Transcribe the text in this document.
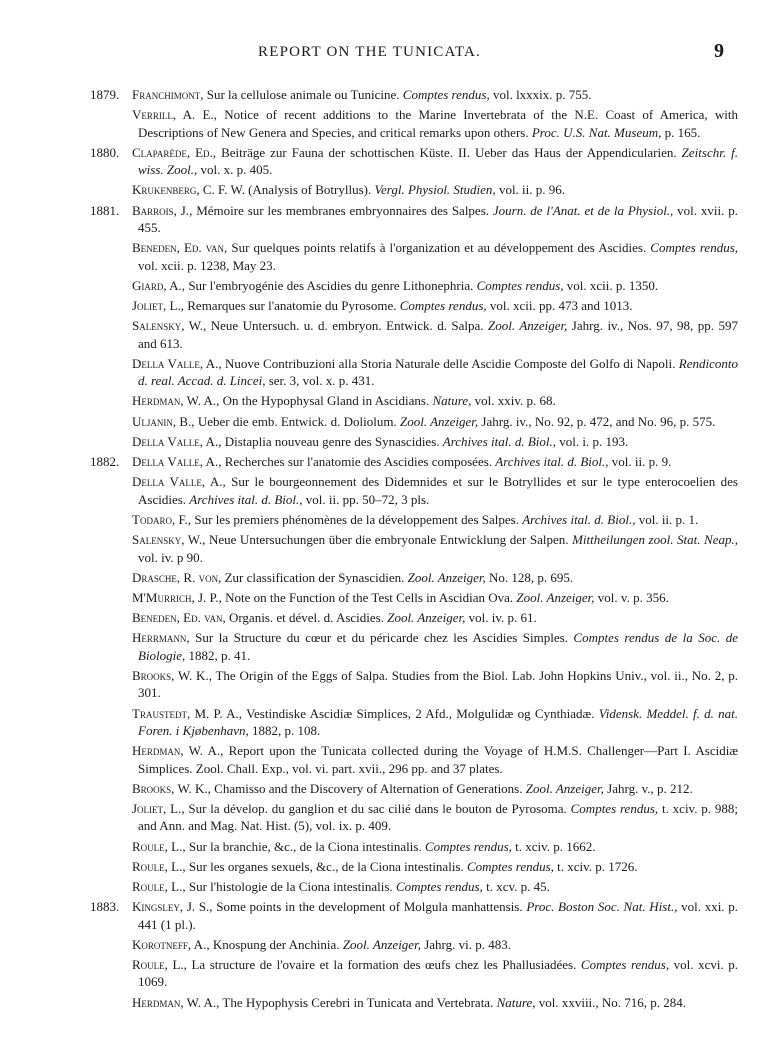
REPORT ON THE TUNICATA.	9
1879. Franchimont, Sur la cellulose animale ou Tunicine. Comptes rendus, vol. lxxxix. p. 755.
Verrill, A. E., Notice of recent additions to the Marine Invertebrata of the N.E. Coast of America, with Descriptions of New Genera and Species, and critical remarks upon others. Proc. U.S. Nat. Museum, p. 165.
1880. Claparède, Ed., Beiträge zur Fauna der schottischen Küste. II. Ueber das Haus der Appendicularien. Zeitschr. f. wiss. Zool., vol. x. p. 405.
Krukenberg, C. F. W. (Analysis of Botryllus). Vergl. Physiol. Studien, vol. ii. p. 96.
1881. Barrois, J., Mémoire sur les membranes embryonnaires des Salpes. Journ. de l'Anat. et de la Physiol., vol. xvii. p. 455.
Beneden, Ed. van, Sur quelques points relatifs à l'organization et au développement des Ascidies. Comptes rendus, vol. xcii. p. 1238, May 23.
Giard, A., Sur l'embryogénie des Ascidies du genre Lithonephria. Comptes rendus, vol. xcii. p. 1350.
Joliet, L., Remarques sur l'anatomie du Pyrosome. Comptes rendus, vol. xcii. pp. 473 and 1013.
Salensky, W., Neue Untersuch. u. d. embryon. Entwick. d. Salpa. Zool. Anzeiger, Jahrg. iv., Nos. 97, 98, pp. 597 and 613.
Della Valle, A., Nuove Contribuzioni alla Storia Naturale delle Ascidie Composte del Golfo di Napoli. Rendiconto d. real. Accad. d. Lincei, ser. 3, vol. x. p. 431.
Herdman, W. A., On the Hypophysal Gland in Ascidians. Nature, vol. xxiv. p. 68.
Uljanin, B., Ueber die emb. Entwick. d. Doliolum. Zool. Anzeiger, Jahrg. iv., No. 92, p. 472, and No. 96, p. 575.
Della Valle, A., Distaplia nouveau genre des Synascidies. Archives ital. d. Biol., vol. i. p. 193.
1882. Della Valle, A., Recherches sur l'anatomie des Ascidies composées. Archives ital. d. Biol., vol. ii. p. 9.
Della Valle, A., Sur le bourgeonnement des Didemnides et sur le Botryllides et sur le type enterocoelien des Ascidies. Archives ital. d. Biol., vol. ii. pp. 50–72, 3 pls.
Todaro, F., Sur les premiers phénomènes de la développement des Salpes. Archives ital. d. Biol., vol. ii. p. 1.
Salensky, W., Neue Untersuchungen über die embryonale Entwicklung der Salpen. Mittheilungen zool. Stat. Neap., vol. iv. p 90.
Drasche, R. von, Zur classification der Synascidien. Zool. Anzeiger, No. 128, p. 695.
M'Murrich, J. P., Note on the Function of the Test Cells in Ascidian Ova. Zool. Anzeiger, vol. v. p. 356.
Beneden, Ed. van, Organis. et dével. d. Ascidies. Zool. Anzeiger, vol. iv. p. 61.
Herrmann, Sur la Structure du cœur et du péricarde chez les Ascidies Simples. Comptes rendus de la Soc. de Biologie, 1882, p. 41.
Brooks, W. K., The Origin of the Eggs of Salpa. Studies from the Biol. Lab. John Hopkins Univ., vol. ii., No. 2, p. 301.
Traustedt, M. P. A., Vestindiske Ascidiæ Simplices, 2 Afd., Molgulidæ og Cynthiadæ. Vidensk. Meddel. f. d. nat. Foren. i Kjøbenhavn, 1882, p. 108.
Herdman, W. A., Report upon the Tunicata collected during the Voyage of H.M.S. Challenger—Part I. Ascidiæ Simplices. Zool. Chall. Exp., vol. vi. part. xvii., 296 pp. and 37 plates.
Brooks, W. K., Chamisso and the Discovery of Alternation of Generations. Zool. Anzeiger, Jahrg. v., p. 212.
Joliet, L., Sur la dévelop. du ganglion et du sac cilié dans le bouton de Pyrosoma. Comptes rendus, t. xciv. p. 988; and Ann. and Mag. Nat. Hist. (5), vol. ix. p. 409.
Roule, L., Sur la branchie, &c., de la Ciona intestinalis. Comptes rendus, t. xciv. p. 1662.
Roule, L., Sur les organes sexuels, &c., de la Ciona intestinalis. Comptes rendus, t. xciv. p. 1726.
Roule, L., Sur l'histologie de la Ciona intestinalis. Comptes rendus, t. xcv. p. 45.
1883. Kingsley, J. S., Some points in the development of Molgula manhattensis. Proc. Boston Soc. Nat. Hist., vol. xxi. p. 441 (1 pl.).
Korotneff, A., Knospung der Anchinia. Zool. Anzeiger, Jahrg. vi. p. 483.
Roule, L., La structure de l'ovaire et la formation des œufs chez les Phallusiadées. Comptes rendus, vol. xcvi. p. 1069.
Herdman, W. A., The Hypophysis Cerebri in Tunicata and Vertebrata. Nature, vol. xxviii., No. 716, p. 284.
